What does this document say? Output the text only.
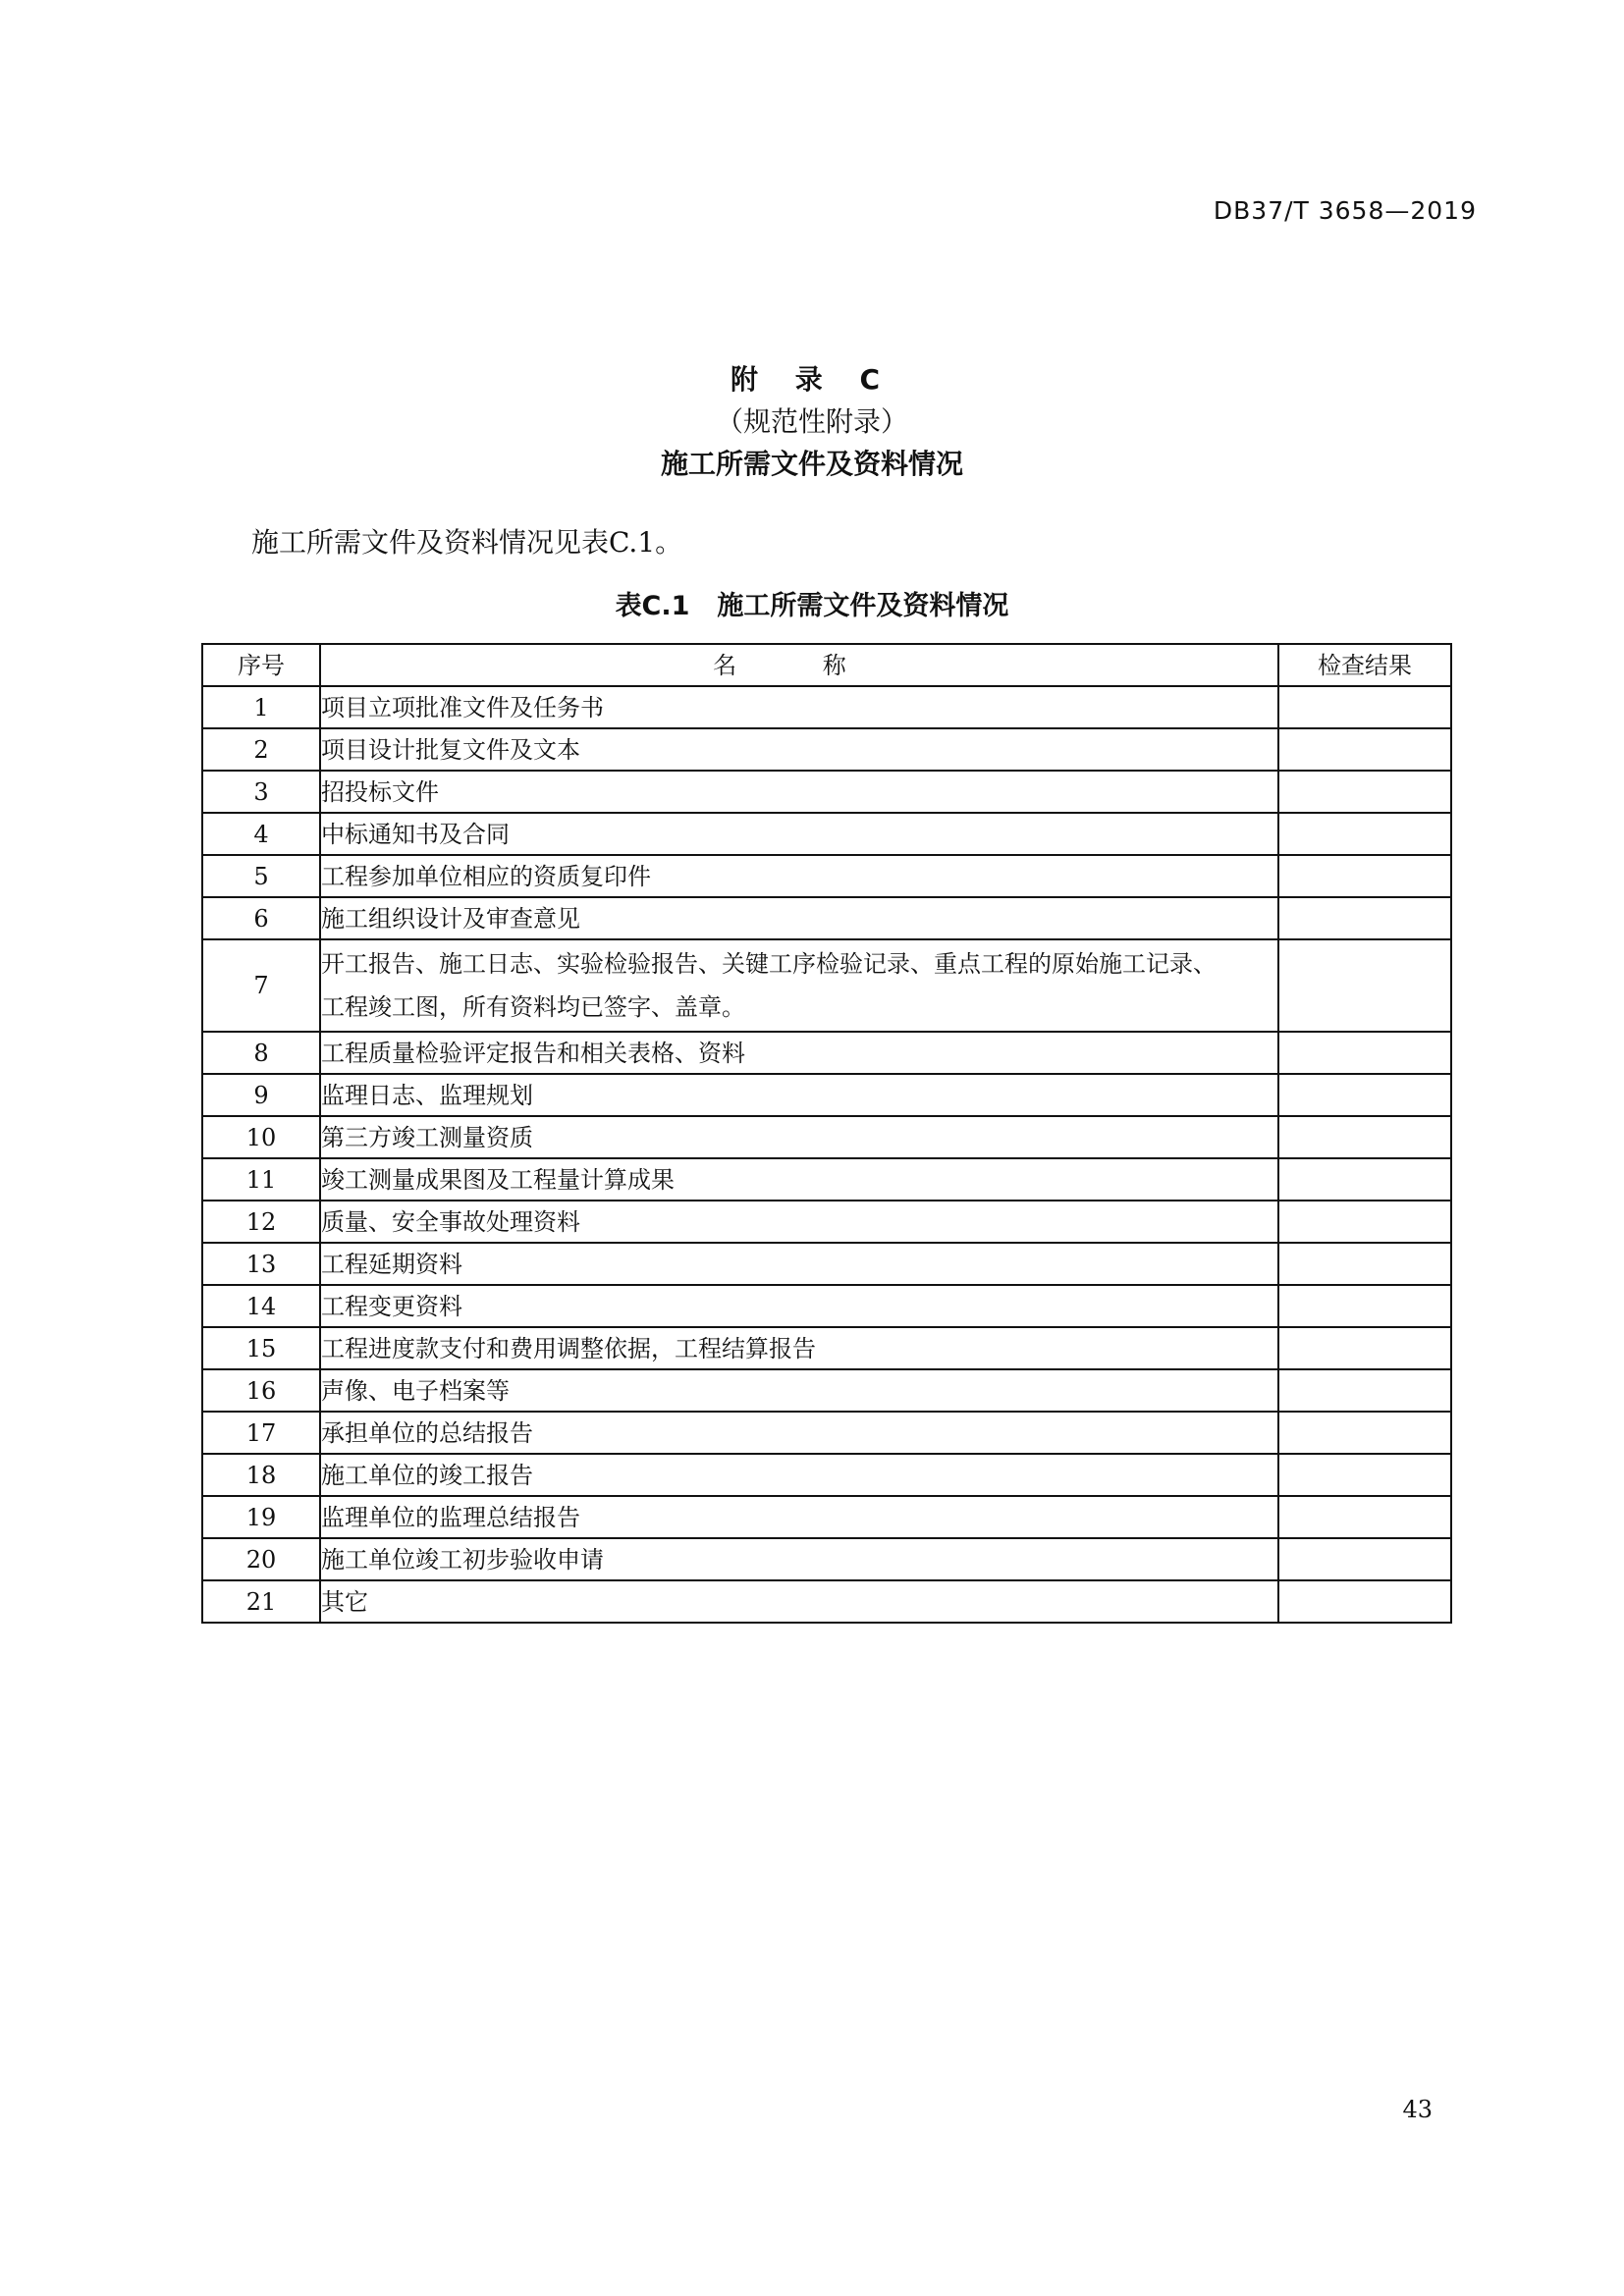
DB37/T 3658—2019
附 录 C
（规范性附录）
施工所需文件及资料情况
施工所需文件及资料情况见表C.1。
表C.1 施工所需文件及资料情况
序号	名 称	检查结果
1	项目立项批准文件及任务书	
2	项目设计批复文件及文本	
3	招投标文件	
4	中标通知书及合同	
5	工程参加单位相应的资质复印件	
6	施工组织设计及审查意见	
7	开工报告、施工日志、实验检验报告、关键工序检验记录、重点工程的原始施工记录、
工程竣工图，所有资料均已签字、盖章。	

8	工程质量检验评定报告和相关表格、资料	
9	监理日志、监理规划	
10	第三方竣工测量资质	
11	竣工测量成果图及工程量计算成果	
12	质量、安全事故处理资料	
13	工程延期资料	
14	工程变更资料	
15	工程进度款支付和费用调整依据，工程结算报告	
16	声像、电子档案等	
17	承担单位的总结报告	
18	施工单位的竣工报告	
19	监理单位的监理总结报告	
20	施工单位竣工初步验收申请	
21	其它	
43
